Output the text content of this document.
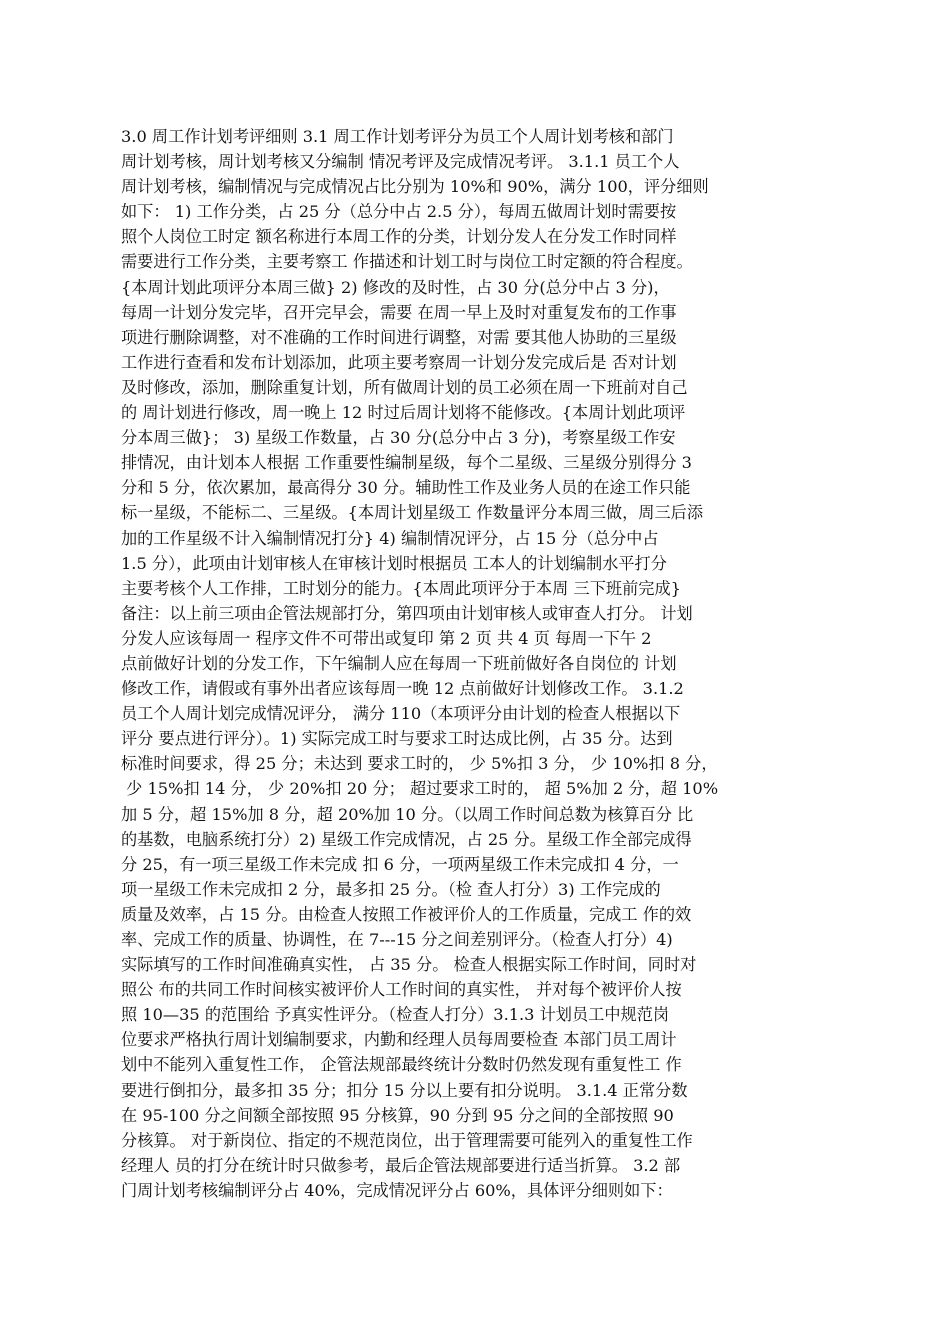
3.0 周工作计划考评细则 3.1 周工作计划考评分为员工个人周计划考核和部门
周计划考核，周计划考核又分编制 情况考评及完成情况考评。 3.1.1 员工个人
周计划考核，编制情况与完成情况占比分别为 10%和 90%，满分 100，评分细则
如下： 1) 工作分类，占 25 分（总分中占 2.5 分），每周五做周计划时需要按
照个人岗位工时定 额名称进行本周工作的分类，计划分发人在分发工作时同样
需要进行工作分类，主要考察工 作描述和计划工时与岗位工时定额的符合程度。
{本周计划此项评分本周三做} 2) 修改的及时性，占 30 分(总分中占 3 分)，
每周一计划分发完毕，召开完早会，需要 在周一早上及时对重复发布的工作事
项进行删除调整，对不准确的工作时间进行调整，对需 要其他人协助的三星级
工作进行查看和发布计划添加，此项主要考察周一计划分发完成后是 否对计划
及时修改，添加，删除重复计划，所有做周计划的员工必须在周一下班前对自己
的 周计划进行修改，周一晚上 12 时过后周计划将不能修改。{本周计划此项评
分本周三做}； 3) 星级工作数量，占 30 分(总分中占 3 分)，考察星级工作安
排情况，由计划本人根据 工作重要性编制星级，每个二星级、三星级分别得分 3
分和 5 分，依次累加，最高得分 30 分。辅助性工作及业务人员的在途工作只能
标一星级，不能标二、三星级。{本周计划星级工 作数量评分本周三做，周三后添
加的工作星级不计入编制情况打分} 4) 编制情况评分，占 15 分（总分中占
1.5 分），此项由计划审核人在审核计划时根据员 工本人的计划编制水平打分
主要考核个人工作排，工时划分的能力。{本周此项评分于本周 三下班前完成}
备注：以上前三项由企管法规部打分，第四项由计划审核人或审查人打分。 计划
分发人应该每周一 程序文件不可带出或复印 第 2 页 共 4 页 每周一下午 2
点前做好计划的分发工作，下午编制人应在每周一下班前做好各自岗位的 计划
修改工作，请假或有事外出者应该每周一晚 12 点前做好计划修改工作。 3.1.2
员工个人周计划完成情况评分， 满分 110（本项评分由计划的检查人根据以下
评分 要点进行评分）。1) 实际完成工时与要求工时达成比例，占 35 分。达到
标准时间要求，得 25 分；未达到 要求工时的， 少 5%扣 3 分， 少 10%扣 8 分，
少 15%扣 14 分， 少 20%扣 20 分； 超过要求工时的， 超 5%加 2 分，超 10%
加 5 分，超 15%加 8 分，超 20%加 10 分。（以周工作时间总数为核算百分 比
的基数，电脑系统打分）2) 星级工作完成情况，占 25 分。星级工作全部完成得
分 25，有一项三星级工作未完成 扣 6 分，一项两星级工作未完成扣 4 分，一
项一星级工作未完成扣 2 分，最多扣 25 分。（检 查人打分）3) 工作完成的
质量及效率，占 15 分。由检查人按照工作被评价人的工作质量，完成工 作的效
率、完成工作的质量、协调性，在 7---15 分之间差别评分。（检查人打分）4)
实际填写的工作时间准确真实性， 占 35 分。 检查人根据实际工作时间，同时对
照公 布的共同工作时间核实被评价人工作时间的真实性， 并对每个被评价人按
照 10—35 的范围给 予真实性评分。（检查人打分）3.1.3 计划员工中规范岗
位要求严格执行周计划编制要求，内勤和经理人员每周要检查 本部门员工周计
划中不能列入重复性工作， 企管法规部最终统计分数时仍然发现有重复性工 作
要进行倒扣分，最多扣 35 分；扣分 15 分以上要有扣分说明。 3.1.4 正常分数
在 95-100 分之间额全部按照 95 分核算，90 分到 95 分之间的全部按照 90
分核算。 对于新岗位、指定的不规范岗位，出于管理需要可能列入的重复性工作
经理人 员的打分在统计时只做参考，最后企管法规部要进行适当折算。 3.2 部
门周计划考核编制评分占 40%，完成情况评分占 60%，具体评分细则如下：
